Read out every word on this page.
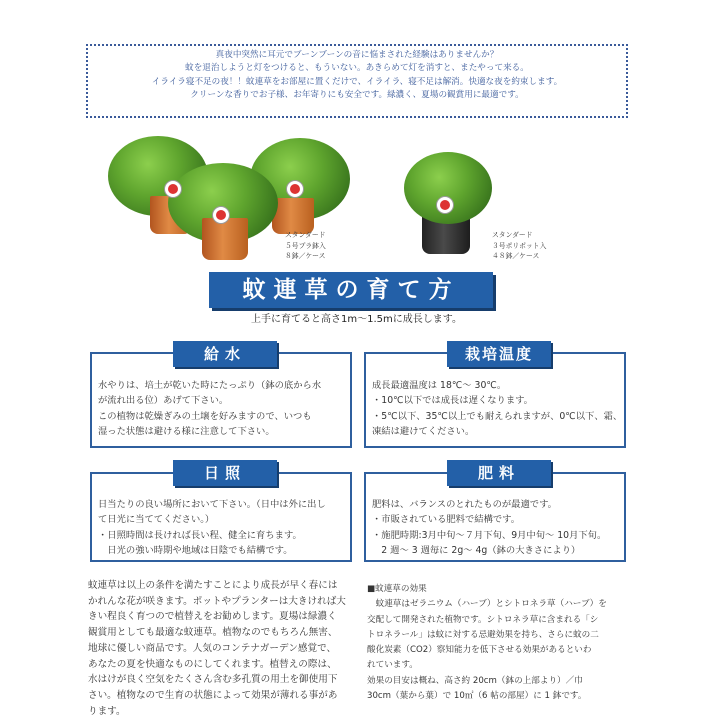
真夜中突然に耳元でブーンブーンの音に悩まされた経験はありませんか？
蚊を退治しようと灯をつけると、もういない。あきらめて灯を消すと、またやって来る。
イライラ寝不足の夜！！蚊連草をお部屋に置くだけで、イライラ、寝不足は解消。快適な夜を約束します。
クリーンな香りでお子様、お年寄りにも安全です。緑濃く、夏場の観賞用に最適です。
スタンダード
５号プラ鉢入
８鉢／ケース
スタンダード
３号ポリポット入
４８鉢／ケース
蚊連草の育て方
上手に育てると高さ1m〜1.5mに成長します。
給水
水やりは、培土が乾いた時にたっぷり（鉢の底から水
が流れ出る位）あげて下さい。
この植物は乾燥ぎみの土壌を好みますので、いつも
湿った状態は避ける様に注意して下さい。
栽培温度
成長最適温度は 18℃〜 30℃。
・10℃以下では成長は遅くなります。
・5℃以下、35℃以上でも耐えられますが、0℃以下、霜、
凍結は避けてください。
日照
日当たりの良い場所において下さい。（日中は外に出し
て日光に当ててください。）
・日照時間は長ければ長い程、健全に育ちます。
　日光の強い時期や地域は日陰でも結構です。
肥料
肥料は、バランスのとれたものが最適です。
・市販されている肥料で結構です。
・施肥時期:3月中旬〜７月下旬、9月中旬〜 10月下旬。
　2 週〜 3 週毎に 2g〜 4g（鉢の大きさにより）
蚊連草は以上の条件を満たすことにより成長が早く春には
かれんな花が咲きます。ポットやプランターは大きければ大
きい程良く育つので植替えをお勧めします。夏場は緑濃く
観賞用としても最適な蚊連草。植物なのでもちろん無害、
地球に優しい商品です。人気のコンテナガーデン感覚で、
あなたの夏を快適なものにしてくれます。植替えの際は、
水はけが良く空気をたくさん含む多孔質の用土を御使用下
さい。植物なので生育の状態によって効果が薄れる事があ
ります。
■蚊連草の効果
　蚊連草はゼラニウム（ハーブ）とシトロネラ草（ハーブ）を
交配して開発された植物です。シトロネラ草に含まれる「シ
トロネラール」は蚊に対する忌避効果を持ち、さらに蚊の二
酸化炭素（CO2）察知能力を低下させる効果があるといわ
れています。
効果の目安は概ね、高さ約 20cm（鉢の上部より）／巾
30cm（葉から葉）で 10㎡（6 帖の部屋）に 1 鉢です。
